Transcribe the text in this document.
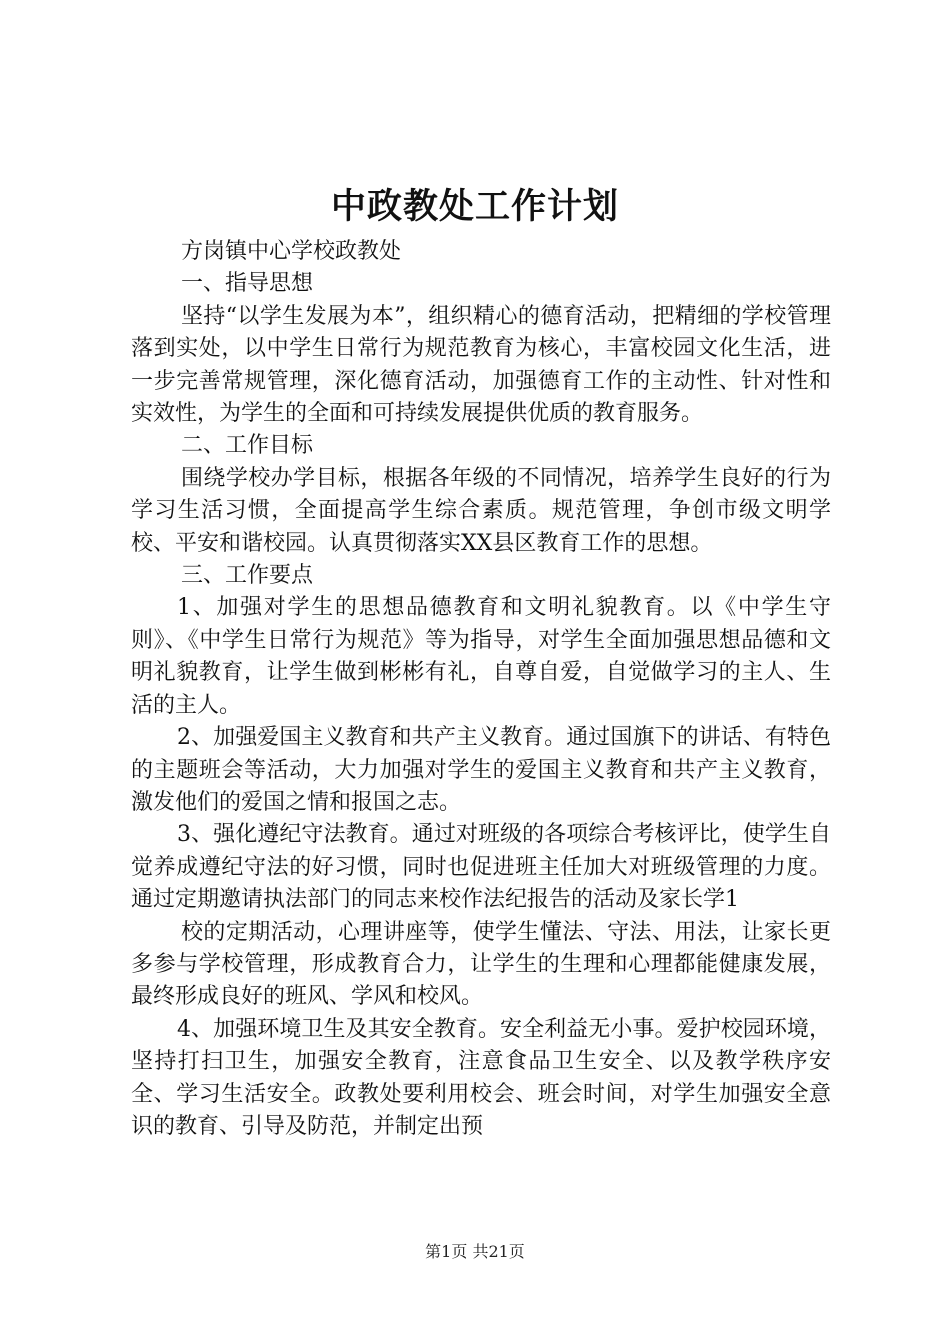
中政教处工作计划

方岗镇中心学校政教处

一、指导思想

坚持“以学生发展为本”，组织精心的德育活动，把精细的学校管理落到实处，以中学生日常行为规范教育为核心，丰富校园文化生活，进一步完善常规管理，深化德育活动，加强德育工作的主动性、针对性和实效性，为学生的全面和可持续发展提供优质的教育服务。

二、工作目标

围绕学校办学目标，根据各年级的不同情况，培养学生良好的行为学习生活习惯，全面提高学生综合素质。规范管理，争创市级文明学校、平安和谐校园。认真贯彻落实XX县区教育工作的思想。

三、工作要点

1、加强对学生的思想品德教育和文明礼貌教育。以《中学生守则》、《中学生日常行为规范》等为指导，对学生全面加强思想品德和文明礼貌教育，让学生做到彬彬有礼，自尊自爱，自觉做学习的主人、生活的主人。

2、加强爱国主义教育和共产主义教育。通过国旗下的讲话、有特色的主题班会等活动，大力加强对学生的爱国主义教育和共产主义教育，激发他们的爱国之情和报国之志。

3、强化遵纪守法教育。通过对班级的各项综合考核评比，使学生自觉养成遵纪守法的好习惯，同时也促进班主任加大对班级管理的力度。通过定期邀请执法部门的同志来校作法纪报告的活动及家长学1

校的定期活动，心理讲座等，使学生懂法、守法、用法，让家长更多参与学校管理，形成教育合力，让学生的生理和心理都能健康发展，最终形成良好的班风、学风和校风。

4、加强环境卫生及其安全教育。安全利益无小事。爱护校园环境，坚持打扫卫生，加强安全教育，注意食品卫生安全、以及教学秩序安全、学习生活安全。政教处要利用校会、班会时间，对学生加强安全意识的教育、引导及防范，并制定出预

第1页 共21页
